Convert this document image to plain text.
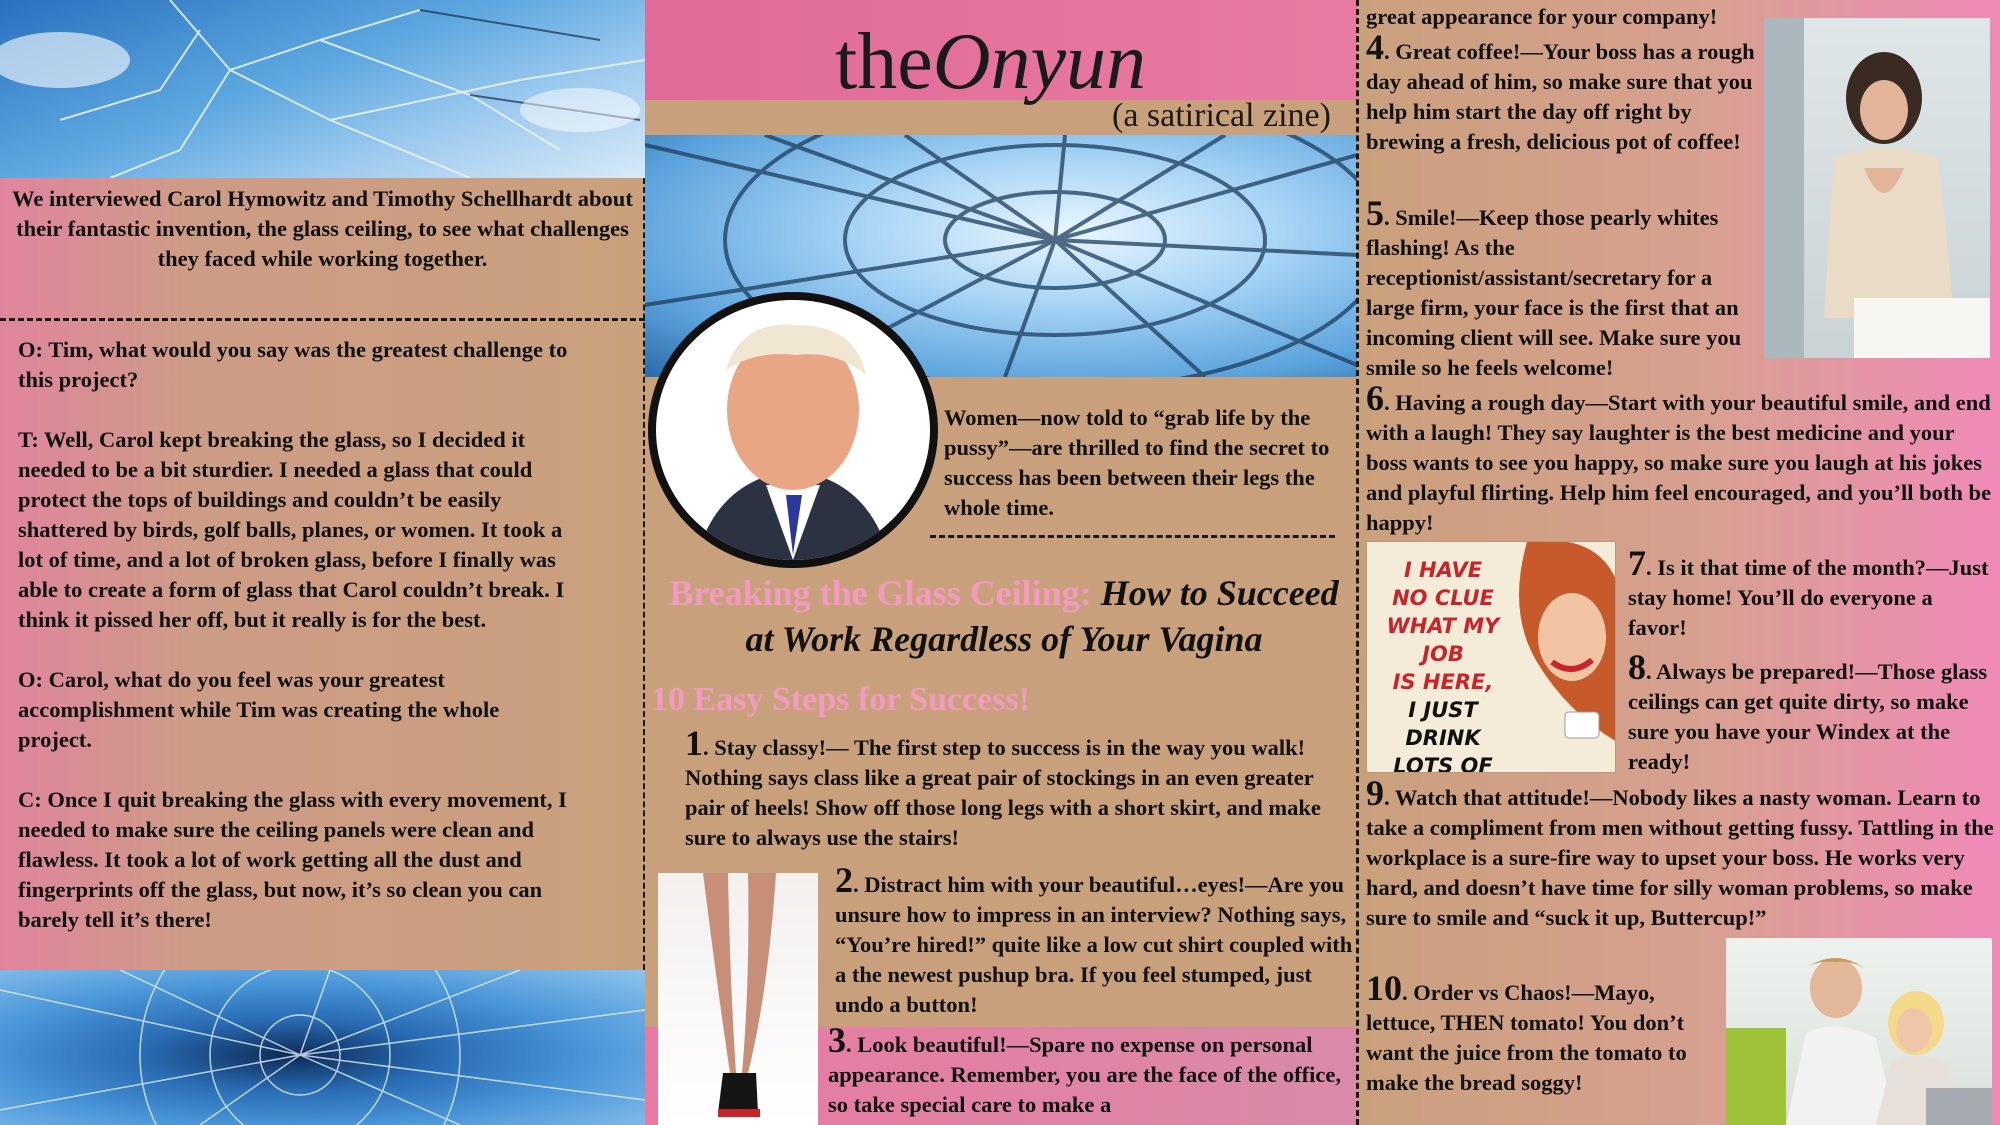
We interviewed Carol Hymowitz and Timothy Schellhardt about their fantastic invention, the glass ceiling, to see what challenges they faced while working together.
O: Tim, what would you say was the greatest challenge to this project?
T: Well, Carol kept breaking the glass, so I decided it needed to be a bit sturdier. I needed a glass that could protect the tops of buildings and couldn’t be easily shattered by birds, golf balls, planes, or women. It took a lot of time, and a lot of broken glass, before I finally was able to create a form of glass that Carol couldn’t break. I think it pissed her off, but it really is for the best.
O: Carol, what do you feel was your greatest accomplishment while Tim was creating the whole project.
C: Once I quit breaking the glass with every movement, I needed to make sure the ceiling panels were clean and flawless. It took a lot of work getting all the dust and fingerprints off the glass, but now, it’s so clean you can barely tell it’s there!
theOnyun
(a satirical zine)
Women—now told to “grab life by the pussy”—are thrilled to find the secret to success has been between their legs the whole time.
Breaking the Glass Ceiling: How to Succeed
at Work Regardless of Your Vagina
10 Easy Steps for Success!
1. Stay classy!— The first step to success is in the way you walk! Nothing says class like a great pair of stockings in an even greater pair of heels! Show off those long legs with a short skirt, and make sure to always use the stairs!
2. Distract him with your beautiful…eyes!—Are you unsure how to impress in an interview? Nothing says, “You’re hired!” quite like a low cut shirt coupled with a the newest pushup bra. If you feel stumped, just undo a button!
3. Look beautiful!—Spare no expense on personal appearance. Remember, you are the face of the office, so take special care to make a
great appearance for your company!
4. Great coffee!—Your boss has a rough day ahead of him, so make sure that you help him start the day off right by brewing a fresh, delicious pot of coffee!
5. Smile!—Keep those pearly whites flashing! As the receptionist/assistant/secretary for a large firm, your face is the first that an incoming client will see. Make sure you smile so he feels welcome!
6. Having a rough day—Start with your beautiful smile, and end with a laugh! They say laughter is the best medicine and your boss wants to see you happy, so make sure you laugh at his jokes and playful flirting. Help him feel encouraged, and you’ll both be happy!
I HAVE
NO CLUE
WHAT MY JOB
IS HERE,
I JUST DRINK
LOTS OF
7. Is it that time of the month?—Just stay home! You’ll do everyone a favor!
8. Always be prepared!—Those glass ceilings can get quite dirty, so make sure you have your Windex at the ready!
9. Watch that attitude!—Nobody likes a nasty woman. Learn to take a compliment from men without getting fussy. Tattling in the workplace is a sure-fire way to upset your boss. He works very hard, and doesn’t have time for silly woman problems, so make sure to smile and “suck it up, Buttercup!”
10. Order vs Chaos!—Mayo, lettuce, THEN tomato! You don’t want the juice from the tomato to make the bread soggy!
